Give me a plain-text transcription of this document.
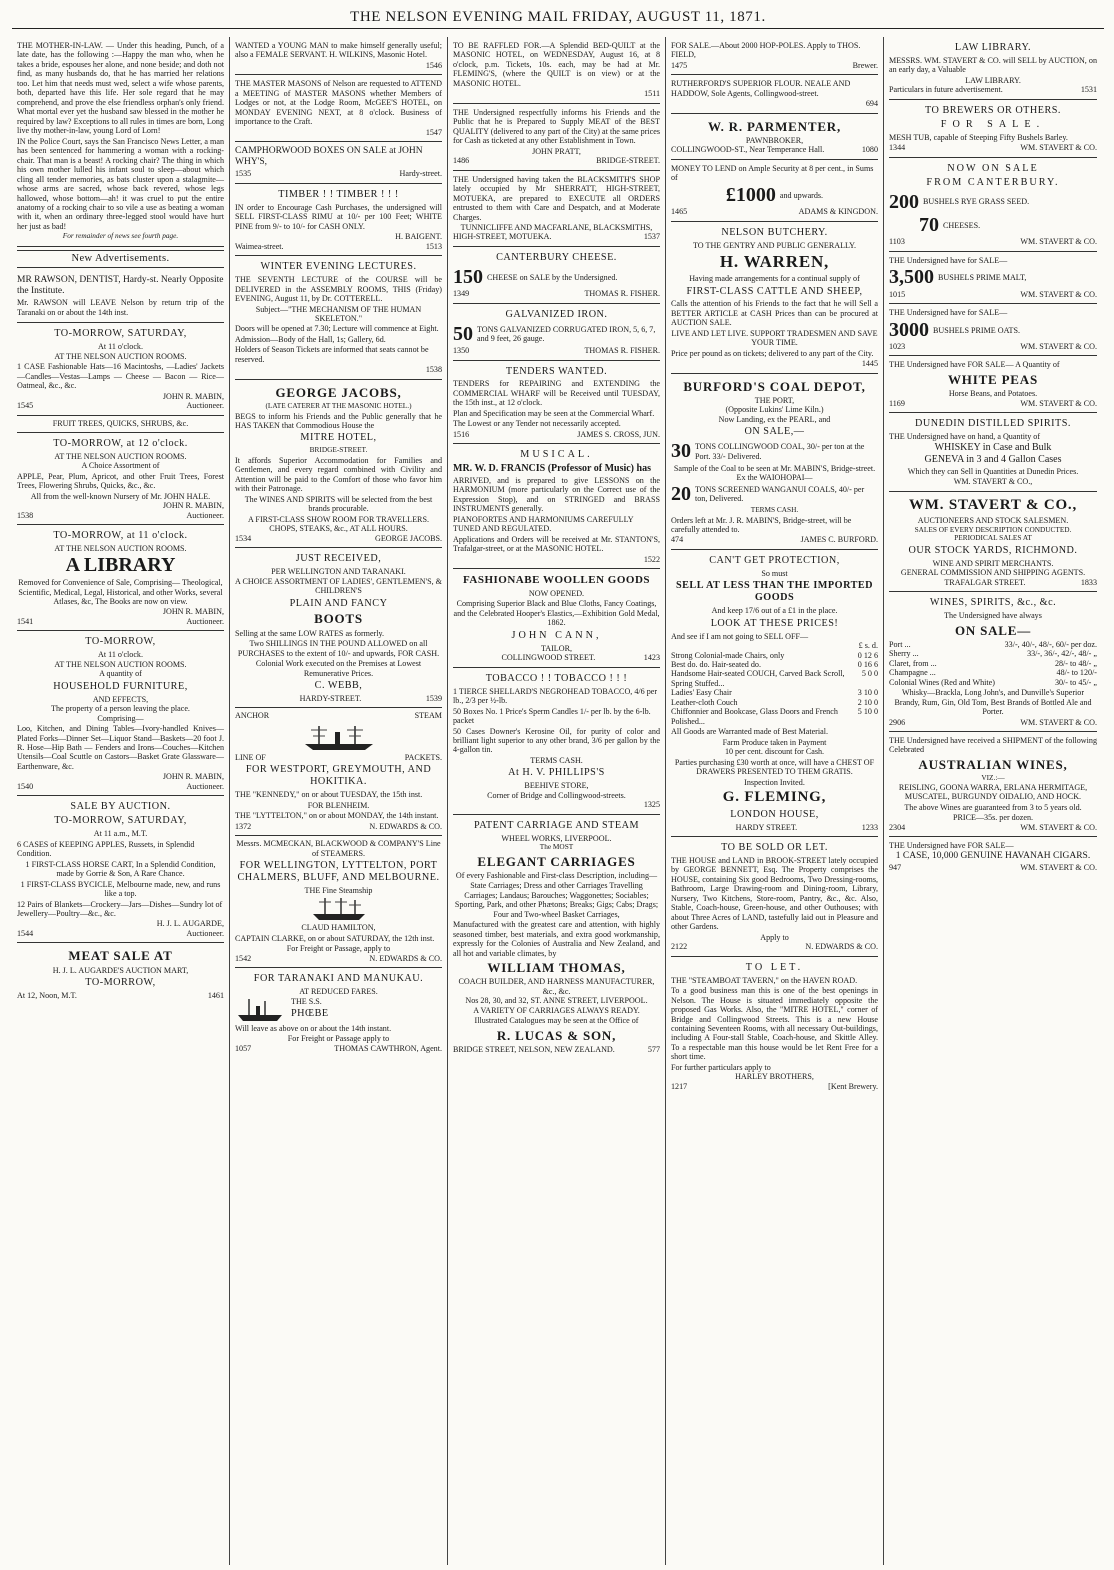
THE NELSON EVENING MAIL FRIDAY, AUGUST 11, 1871.

THE MOTHER-IN-LAW. — Under this heading, Punch, of a late date, has the following :—Happy the man who, when he takes a bride, espouses her alone, and none beside; and doth not find, as many husbands do, that he has married her relations too. Let him that needs must wed, select a wife whose parents, both, departed have this life. Her sole regard that he may comprehend, and prove the else friendless orphan's only friend. What mortal ever yet the husband saw blessed in the mother he required by law? Exceptions to all rules in times are born, Long live thy mother-in-law, young Lord of Lorn!

IN the Police Court, says the San Francisco News Letter, a man has been sentenced for hammering a woman with a rocking-chair. That man is a beast! A rocking chair? The thing in which his own mother lulled his infant soul to sleep—about which cling all tender memories, as bats cluster upon a stalagmite—whose arms are sacred, whose back revered, whose legs hallowed, whose bottom—ah! it was cruel to put the entire anatomy of a rocking chair to so vile a use as beating a woman with it, when an ordinary three-legged stool would have hurt her just as bad!

For remainder of news see fourth page.

New Advertisements.

MR RAWSON, DENTIST, Hardy-st. Nearly Opposite the Institute.

Mr. RAWSON will LEAVE Nelson by return trip of the Taranaki on or about the 14th inst.

TO-MORROW, SATURDAY,
At 11 o'clock.
AT THE NELSON AUCTION ROOMS.

1 CASE Fashionable Hats—16 Macintoshs, —Ladies' Jackets—Candles—Vestas—Lamps — Cheese — Bacon — Rice—Oatmeal, &c., &c.

JOHN R. MABIN,
1545	Auctioneer.
FRUIT TREES, QUICKS, SHRUBS, &c.
TO-MORROW, at 12 o'clock.
AT THE NELSON AUCTION ROOMS.
A Choice Assortment of

APPLE, Pear, Plum, Apricot, and other Fruit Trees, Forest Trees, Flowering Shrubs, Quicks, &c., &c.

All from the well-known Nursery of Mr. JOHN HALE.
JOHN R. MABIN,
1538	Auctioneer.
TO-MORROW, at 11 o'clock.
AT THE NELSON AUCTION ROOMS.
A LIBRARY

Removed for Convenience of Sale, Comprising— Theological, Scientific, Medical, Legal, Historical, and other Works, several Atlases, &c, The Books are now on view.

JOHN R. MABIN,
1541	Auctioneer.
TO-MORROW,
At 11 o'clock.
AT THE NELSON AUCTION ROOMS.
A quantity of
HOUSEHOLD FURNITURE,
AND EFFECTS,
The property of a person leaving the place.
Comprising—

Loo, Kitchen, and Dining Tables—Ivory-handled Knives—Plated Forks—Dinner Set—Liquor Stand—Baskets—20 foot J. R. Hose—Hip Bath — Fenders and Irons—Couches—Kitchen Utensils—Coal Scuttle on Castors—Basket Grate Glassware—Earthenware, &c.

JOHN R. MABIN,
1540	Auctioneer.
SALE BY AUCTION.
TO-MORROW, SATURDAY,
At 11 a.m., M.T.

6 CASES of KEEPING APPLES, Russets, in Splendid Condition.

1 FIRST-CLASS HORSE CART, In a Splendid Condition, made by Gorrie & Son, A Rare Chance.

1 FIRST-CLASS BYCICLE, Melbourne made, new, and runs like a top.

12 Pairs of Blankets—Crockery—Jars—Dishes—Sundry lot of Jewellery—Poultry—&c., &c.

H. J. L. AUGARDE,
1544	Auctioneer.
MEAT SALE AT
H. J. L. AUGARDE'S AUCTION MART,
TO-MORROW,
At 12, Noon, M.T.	1461

WANTED a YOUNG MAN to make himself generally useful; also a FEMALE SERVANT. H. WILKINS, Masonic Hotel.

1546

THE MASTER MASONS of Nelson are requested to ATTEND a MEETING of MASTER MASONS whether Members of Lodges or not, at the Lodge Room, McGEE'S HOTEL, on MONDAY EVENING NEXT, at 8 o'clock. Business of importance to the Craft.

1547

CAMPHORWOOD BOXES ON SALE at JOHN WHY'S,

1535	Hardy-street.
TIMBER ! ! TIMBER ! ! !

IN order to Encourage Cash Purchases, the undersigned will SELL FIRST-CLASS RIMU at 10/- per 100 Feet; WHITE PINE from 9/- to 10/- for CASH ONLY.

H. BAIGENT.
Waimea-street.	1513
WINTER EVENING LECTURES.

THE SEVENTH LECTURE of the COURSE will be DELIVERED in the ASSEMBLY ROOMS, THIS (Friday) EVENING, August 11, by Dr. COTTERELL.

Subject—"THE MECHANISM OF THE HUMAN SKELETON."

Doors will be opened at 7.30; Lecture will commence at Eight.

Admission—Body of the Hall, 1s; Gallery, 6d.

Holders of Season Tickets are informed that seats cannot be reserved.

1538
GEORGE JACOBS,
(LATE CATERER AT THE MASONIC HOTEL.)

BEGS to inform his Friends and the Public generally that he HAS TAKEN that Commodious House the

MITRE HOTEL,
BRIDGE-STREET.

It affords Superior Accommodation for Families and Gentlemen, and every regard combined with Civility and Attention will be paid to the Comfort of those who favor him with their Patronage.

The WINES AND SPIRITS will be selected from the best brands procurable.

A FIRST-CLASS SHOW ROOM FOR TRAVELLERS.
CHOPS, STEAKS, &c., AT ALL HOURS.
1534	GEORGE JACOBS.
JUST RECEIVED,
PER WELLINGTON AND TARANAKI.
A CHOICE ASSORTMENT OF LADIES', GENTLEMEN'S, & CHILDREN'S
PLAIN AND FANCY
BOOTS

Selling at the same LOW RATES as formerly.

Two SHILLINGS IN THE POUND ALLOWED on all PURCHASES to the extent of 10/- and upwards, FOR CASH.

Colonial Work executed on the Premises at Lowest Remunerative Prices.

C. WEBB,
HARDY-STREET.	1539
ANCHOR	STEAM
LINE OF	PACKETS.
FOR WESTPORT, GREYMOUTH, AND HOKITIKA.

THE "KENNEDY," on or about TUESDAY, the 15th inst.

FOR BLENHEIM.

THE "LYTTELTON," on or about MONDAY, the 14th instant.

1372	N. EDWARDS & CO.
Messrs. MCMECKAN, BLACKWOOD & COMPANY'S Line of STEAMERS.
FOR WELLINGTON, LYTTELTON, PORT CHALMERS, BLUFF, AND MELBOURNE.
THE Fine Steamship
CLAUD HAMILTON,

CAPTAIN CLARKE, on or about SATURDAY, the 12th inst.

For Freight or Passage, apply to
1542	N. EDWARDS & CO.
FOR TARANAKI AND MANUKAU.
AT REDUCED FARES.
THE S.S.
PHŒBE

Will leave as above on or about the 14th instant.

For Freight or Passage apply to
1057	THOMAS CAWTHRON, Agent.

TO BE RAFFLED FOR.—A Splendid BED-QUILT at the MASONIC HOTEL, on WEDNESDAY, August 16, at 8 o'clock, p.m. Tickets, 10s. each, may be had at Mr. FLEMING'S, (where the QUILT is on view) or at the MASONIC HOTEL.

1511

THE Undersigned respectfully informs his Friends and the Public that he is Prepared to Supply MEAT of the BEST QUALITY (delivered to any part of the City) at the same prices for Cash as ticketed at any other Establishment in Town.

JOHN PRATT,
1486	BRIDGE-STREET.

THE Undersigned having taken the BLACKSMITH'S SHOP lately occupied by Mr SHERRATT, HIGH-STREET, MOTUEKA, are prepared to EXECUTE all ORDERS entrusted to them with Care and Despatch, and at Moderate Charges.

TUNNICLIFFE AND MACFARLANE, BLACKSMITHS,
HIGH-STREET, MOTUEKA.	1537
CANTERBURY CHEESE.
150 CHEESE on SALE by the Undersigned.
1349	THOMAS R. FISHER.
GALVANIZED IRON.
50 TONS GALVANIZED CORRUGATED IRON, 5, 6, 7, and 9 feet, 26 gauge.
1350	THOMAS R. FISHER.
TENDERS WANTED.

TENDERS for REPAIRING and EXTENDING the COMMERCIAL WHARF will be Received until TUESDAY, the 15th inst., at 12 o'clock.

Plan and Specification may be seen at the Commercial Wharf.

The Lowest or any Tender not necessarily accepted.

1516	JAMES S. CROSS, JUN.
MUSICAL.

MR. W. D. FRANCIS (Professor of Music) has

ARRIVED, and is prepared to give LESSONS on the HARMONIUM (more particularly on the Correct use of the Expression Stop), and on STRINGED and BRASS INSTRUMENTS generally.

PIANOFORTES AND HARMONIUMS CAREFULLY TUNED AND REGULATED.

Applications and Orders will be received at Mr. STANTON'S, Trafalgar-street, or at the MASONIC HOTEL.

1522
FASHIONABE WOOLLEN GOODS
NOW OPENED.

Comprising Superior Black and Blue Cloths, Fancy Coatings, and the Celebrated Hooper's Elastics,—Exhibition Gold Medal, 1862.

JOHN CANN,
TAILOR,
COLLINGWOOD STREET.	1423
TOBACCO ! ! TOBACCO ! ! !

1 TIERCE SHELLARD'S NEGROHEAD TOBACCO, 4/6 per lb., 2/3 per ½-lb.

50 Boxes No. 1 Price's Sperm Candles 1/- per lb. by the 6-lb. packet

50 Cases Downer's Kerosine Oil, for purity of color and brilliant light superior to any other brand, 3/6 per gallon by the 4-gallon tin.

TERMS CASH.
At H. V. PHILLIPS'S
BEEHIVE STORE,
Corner of Bridge and Collingwood-streets.
1325
PATENT CARRIAGE AND STEAM
WHEEL WORKS, LIVERPOOL.
The MOST
ELEGANT CARRIAGES
Of every Fashionable and First-class Description, including—

State Carriages; Dress and other Carriages Travelling Carriages; Landaus; Barouches; Waggonettes; Sociables; Sporting, Park, and other Phætons; Breaks; Gigs; Cabs; Drags; Four and Two-wheel Basket Carriages,

Manufactured with the greatest care and attention, with highly seasoned timber, best materials, and extra good workmanship, expressly for the Colonies of Australia and New Zealand, and all hot and variable climates, by

WILLIAM THOMAS,
COACH BUILDER, AND HARNESS MANUFACTURER, &c., &c.
Nos 28, 30, and 32, ST. ANNE STREET, LIVERPOOL.
A VARIETY OF CARRIAGES ALWAYS READY.

Illustrated Catalogues may be seen at the Office of

R. LUCAS & SON,
BRIDGE STREET, NELSON, NEW ZEALAND.	577

FOR SALE.—About 2000 HOP-POLES. Apply to THOS. FIELD,

1475	Brewer.

RUTHERFORD'S SUPERIOR FLOUR. NEALE AND HADDOW, Sole Agents, Collingwood-street.

694
W. R. PARMENTER,
PAWNBROKER,
COLLINGWOOD-ST., Near Temperance Hall.	1080

MONEY TO LEND on Ample Security at 8 per cent., in Sums of

£1000 and upwards.
1465	ADAMS & KINGDON.
NELSON BUTCHERY.
TO THE GENTRY AND PUBLIC GENERALLY.
H. WARREN,
Having made arrangements for a continual supply of
FIRST-CLASS CATTLE AND SHEEP,

Calls the attention of his Friends to the fact that he will Sell a BETTER ARTICLE at CASH Prices than can be procured at AUCTION SALE.

LIVE AND LET LIVE. SUPPORT TRADESMEN AND SAVE YOUR TIME.

Price per pound as on tickets; delivered to any part of the City.

1445
BURFORD'S COAL DEPOT,
THE PORT,
(Opposite Lukins' Lime Kiln.)
Now Landing, ex the PEARL, and
ON SALE,—
30 TONS COLLINGWOOD COAL, 30/- per ton at the Port. 33/- Delivered.
Sample of the Coal to be seen at Mr. MABIN'S, Bridge-street.
Ex the WAIOHOPAI—
20 TONS SCREENED WANGANUI COALS, 40/- per ton, Delivered.
TERMS CASH.

Orders left at Mr. J. R. MABIN'S, Bridge-street, will be carefully attended to.

474	JAMES C. BURFORD.
CAN'T GET PROTECTION,
So must
SELL AT LESS THAN THE IMPORTED GOODS
And keep 17/6 out of a £1 in the place.
LOOK AT THESE PRICES!
And see if I am not going to SELL OFF—
£ s. d.
Strong Colonial-made Chairs, only	0 12 6
Best do. do. Hair-seated do.	0 16 6
Handsome Hair-seated COUCH, Carved Back Scroll, Spring Stuffed...
5 0 0
Ladies' Easy Chair	3 10 0
Leather-cloth Couch	2 10 0
Chiffonnier and Bookcase, Glass Doors and French Polished...
5 10 0

All Goods are Warranted made of Best Material.

Farm Produce taken in Payment
10 per cent. discount for Cash.

Parties purchasing £30 worth at once, will have a CHEST OF DRAWERS PRESENTED TO THEM GRATIS.

Inspection Invited.
G. FLEMING,
LONDON HOUSE,
HARDY STREET.	1233
TO BE SOLD OR LET.

THE HOUSE and LAND in BROOK-STREET lately occupied by GEORGE BENNETT, Esq. The Property comprises the HOUSE, containing Six good Bedrooms, Two Dressing-rooms, Bathroom, Large Drawing-room and Dining-room, Library, Nursery, Two Kitchens, Store-room, Pantry, &c., &c. Also, Stable, Coach-house, Green-house, and other Outhouses; with about Three Acres of LAND, tastefully laid out in Pleasure and other Gardens.

Apply to
2122	N. EDWARDS & CO.
TO LET.

THE "STEAMBOAT TAVERN," on the HAVEN ROAD.

To a good business man this is one of the best openings in Nelson. The House is situated immediately opposite the proposed Gas Works. Also, the "MITRE HOTEL," corner of Bridge and Collingwood Streets. This is a new House containing Seventeen Rooms, with all necessary Out-buildings, including A Four-stall Stable, Coach-house, and Skittle Alley. To a respectable man this house would be let Rent Free for a short time.

For further particulars apply to
HARLEY BROTHERS,
1217	[Kent Brewery.
LAW LIBRARY.

MESSRS. WM. STAVERT & CO. will SELL by AUCTION, on an early day, a Valuable

LAW LIBRARY.
Particulars in future advertisement.	1531
TO BREWERS OR OTHERS.
FOR SALE.

MESH TUB, capable of Steeping Fifty Bushels Barley.

1344	WM. STAVERT & CO.
NOW ON SALE
FROM CANTERBURY.
200 BUSHELS RYE GRASS SEED.
70 CHEESES.
1103	WM. STAVERT & CO.

THE Undersigned have for SALE—

3,500 BUSHELS PRIME MALT,
1015	WM. STAVERT & CO.

THE Undersigned have for SALE—

3000 BUSHELS PRIME OATS.
1023	WM. STAVERT & CO.

THE Undersigned have FOR SALE— A Quantity of

WHITE PEAS
Horse Beans, and Potatoes.
1169	WM. STAVERT & CO.
DUNEDIN DISTILLED SPIRITS.

THE Undersigned have on hand, a Quantity of

WHISKEY in Case and Bulk
GENEVA in 3 and 4 Gallon Cases

Which they can Sell in Quantities at Dunedin Prices.

WM. STAVERT & CO.,
WM. STAVERT & CO.,
AUCTIONEERS AND STOCK SALESMEN.
SALES OF EVERY DESCRIPTION CONDUCTED.
PERIODICAL SALES AT
OUR STOCK YARDS, RICHMOND.
WINE AND SPIRIT MERCHANTS.
GENERAL COMMISSION AND SHIPPING AGENTS.
TRAFALGAR STREET.	1833
WINES, SPIRITS, &c., &c.
The Undersigned have always
ON SALE—
Port ...	33/-, 40/-, 48/-, 60/- per doz.
Sherry ...	33/-, 36/-, 42/-, 48/- „
Claret, from ...	28/- to 48/- „
Champagne ...	48/- to 120/-
Colonial Wines (Red and White)	30/- to 45/- „

Whisky—Brackla, Long John's, and Dunville's Superior Brandy, Rum, Gin, Old Tom, Best Brands of Bottled Ale and Porter.

2906	WM. STAVERT & CO.

THE Undersigned have received a SHIPMENT of the following Celebrated

AUSTRALIAN WINES,
VIZ.:—
REISLING, GOONA WARRA, ERLANA HERMITAGE, MUSCATEL, BURGUNDY OIDALIO, AND HOCK.

The above Wines are guaranteed from 3 to 5 years old.

PRICE—35s. per dozen.
2304	WM. STAVERT & CO.

THE Undersigned have FOR SALE—

1 CASE, 10,000 GENUINE HAVANAH CIGARS.
947	WM. STAVERT & CO.
